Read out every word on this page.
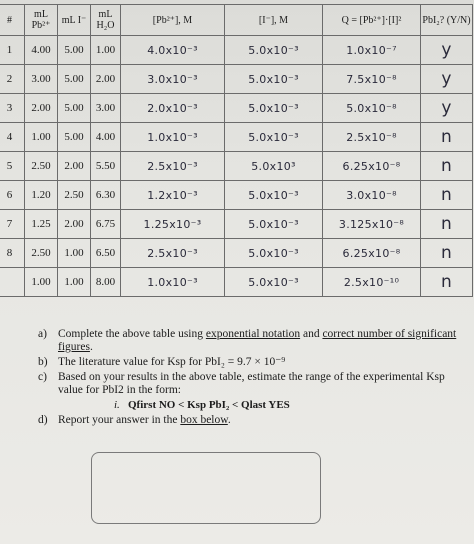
#	mL Pb²⁺	mL I⁻	mL H₂O	[Pb²⁺], M	[I⁻], M	Q = [Pb²⁺]·[I]²	PbI₂? (Y/N)
1	4.00	5.00	1.00	4.0x10⁻³	5.0x10⁻³	1.0x10⁻⁷	y
2	3.00	5.00	2.00	3.0x10⁻³	5.0x10⁻³	7.5x10⁻⁸	y
3	2.00	5.00	3.00	2.0x10⁻³	5.0x10⁻³	5.0x10⁻⁸	y
4	1.00	5.00	4.00	1.0x10⁻³	5.0x10⁻³	2.5x10⁻⁸	n
5	2.50	2.00	5.50	2.5x10⁻³	5.0x10³	6.25x10⁻⁸	n
6	1.20	2.50	6.30	1.2x10⁻³	5.0x10⁻³	3.0x10⁻⁸	n
7	1.25	2.00	6.75	1.25x10⁻³	5.0x10⁻³	3.125x10⁻⁸	n
8	2.50	1.00	6.50	2.5x10⁻³	5.0x10⁻³	6.25x10⁻⁸	n
	1.00	1.00	8.00	1.0x10⁻³	5.0x10⁻³	2.5x10⁻¹⁰	n
a) Complete the above table using exponential notation and correct number of significant figures.
b) The literature value for Ksp for PbI₂ = 9.7 × 10⁻⁹
c) Based on your results in the above table, estimate the range of the experimental Ksp value for PbI2 in the form:
i. Qfirst NO < Ksp PbI₂ < Qlast YES
d) Report your answer in the box below.
